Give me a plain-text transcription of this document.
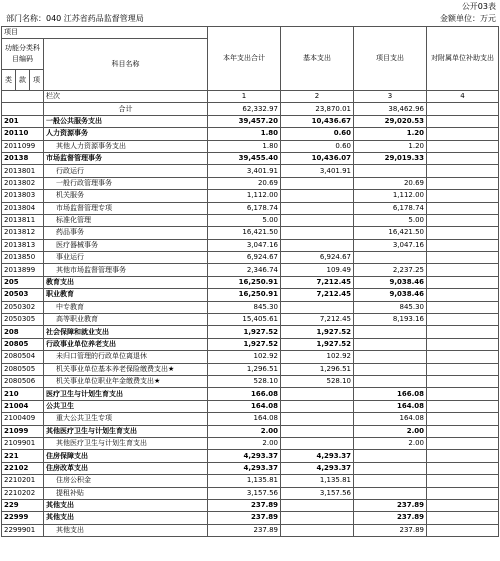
公开03表
部门名称：040 江苏省药品监督管理局	金额单位：万元
项目				本年支出合计	基本支出	项目支出	对附属单位补助支出
功能分类科目编码			科目名称				

类	款	项					
			栏次	1	2	3	4
			合计	62,332.97	23,870.01	38,462.96	
201			一般公共服务支出	39,457.20	10,436.67	29,020.53	
20110			人力资源事务	1.80	0.60	1.20	
2011099			其他人力资源事务支出	1.80	0.60	1.20	
20138			市场监督管理事务	39,455.40	10,436.07	29,019.33	
2013801			行政运行	3,401.91	3,401.91		
2013802			一般行政管理事务	20.69		20.69	
2013803			机关服务	1,112.00		1,112.00	
2013804			市场监督管理专项	6,178.74		6,178.74	
2013811			标准化管理	5.00		5.00	
2013812			药品事务	16,421.50		16,421.50	
2013813			医疗器械事务	3,047.16		3,047.16	
2013850			事业运行	6,924.67	6,924.67		
2013899			其他市场监督管理事务	2,346.74	109.49	2,237.25	
205			教育支出	16,250.91	7,212.45	9,038.46	
20503			职业教育	16,250.91	7,212.45	9,038.46	
2050302			中专教育	845.30		845.30	
2050305			高等职业教育	15,405.61	7,212.45	8,193.16	
208			社会保障和就业支出	1,927.52	1,927.52		
20805			行政事业单位养老支出	1,927.52	1,927.52		
2080504			未归口管理的行政单位离退休	102.92	102.92		
2080505			机关事业单位基本养老保险缴费支出★	1,296.51	1,296.51		
2080506			机关事业单位职业年金缴费支出★	528.10	528.10		
210			医疗卫生与计划生育支出	166.08		166.08	
21004			公共卫生	164.08		164.08	
2100409			重大公共卫生专项	164.08		164.08	
21099			其他医疗卫生与计划生育支出	2.00		2.00	
2109901			其他医疗卫生与计划生育支出	2.00		2.00	
221			住房保障支出	4,293.37	4,293.37		
22102			住房改革支出	4,293.37	4,293.37		
2210201			住房公积金	1,135.81	1,135.81		
2210202			提租补贴	3,157.56	3,157.56		
229			其他支出	237.89		237.89	
22999			其他支出	237.89		237.89	
2299901			其他支出	237.89		237.89	
